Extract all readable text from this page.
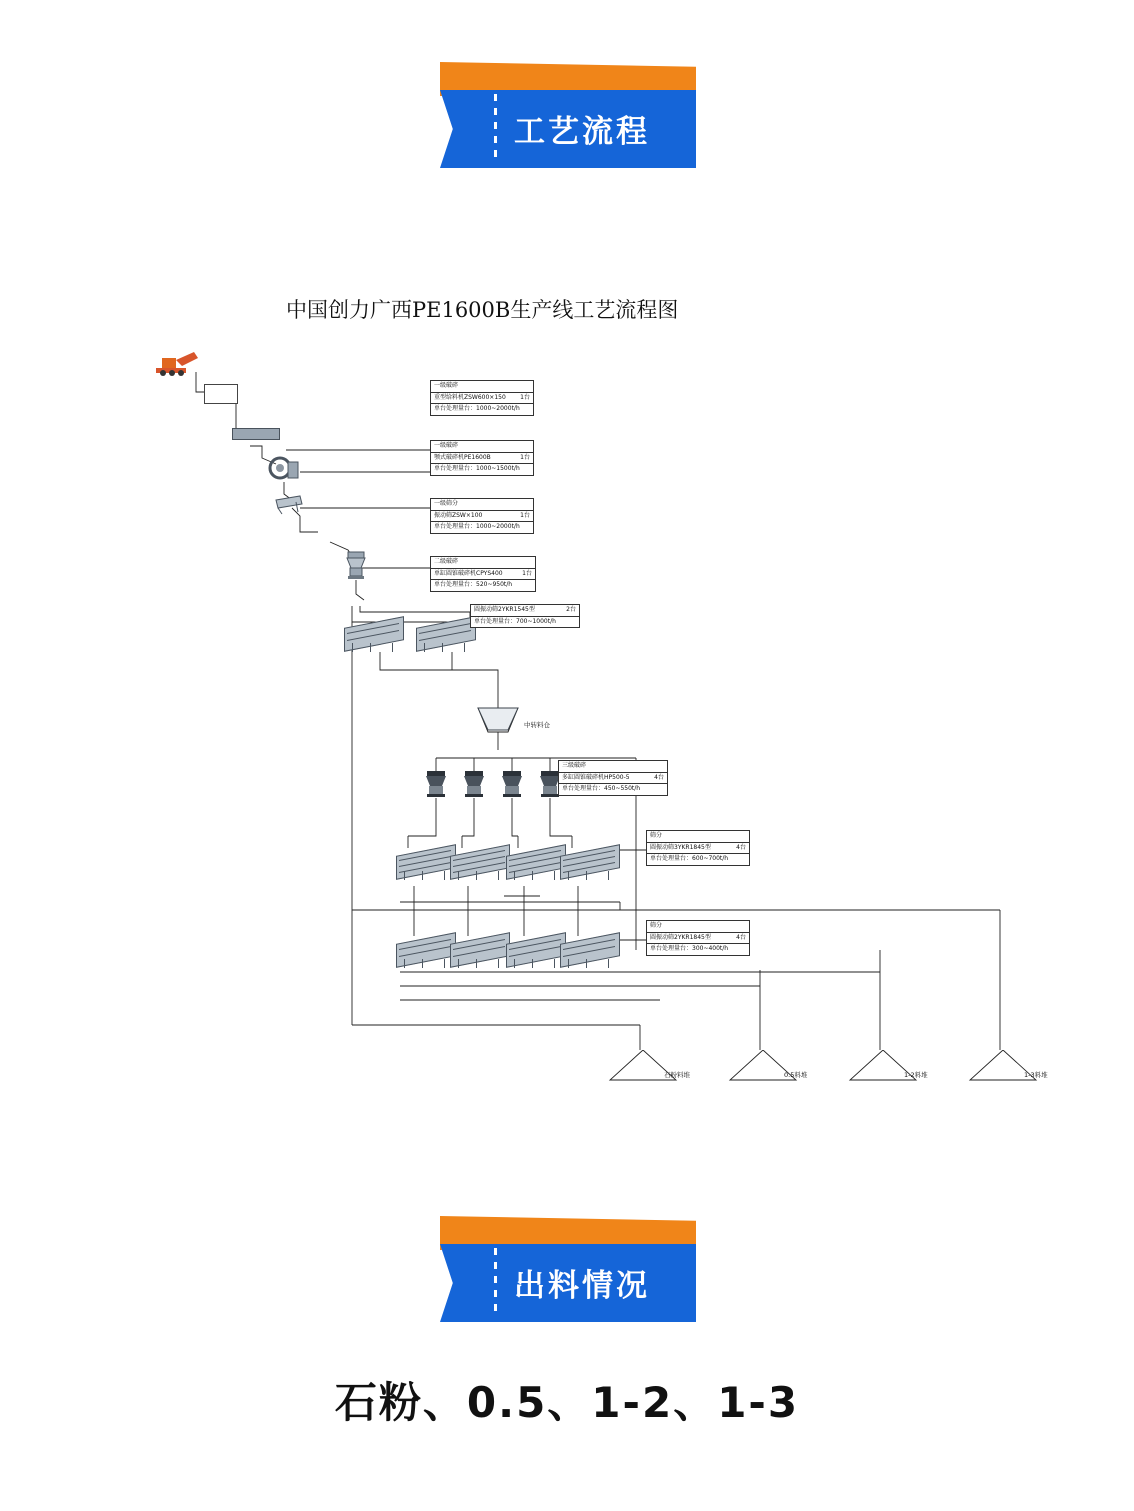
工艺流程
中国创力广西PE1600B生产线工艺流程图
中转料仓
石粉料堆	0.5料堆	1-2料堆	1-3料堆
一级破碎
重型给料机ZSW600×150	1台
单台处理量台：1000~2000t/h
一级破碎
颚式破碎机PE1600B	1台
单台处理量台：1000~1500t/h
一级筛分
振动筛ZSW×100	1台
单台处理量台：1000~2000t/h
二级破碎
单缸圆锥破碎机CPYS400	1台
单台处理量台：520~950t/h
圆振动筛2YKR1545型	2台
单台处理量台：700~1000t/h
三级破碎
多缸圆锥破碎机HP500-5	4台
单台处理量台：450~550t/h
筛分
圆振动筛3YKR1845型	4台
单台处理量台：600~700t/h
筛分
圆振动筛2YKR1845型	4台
单台处理量台：300~400t/h
出料情况
石粉、0.5、1-2、1-3
